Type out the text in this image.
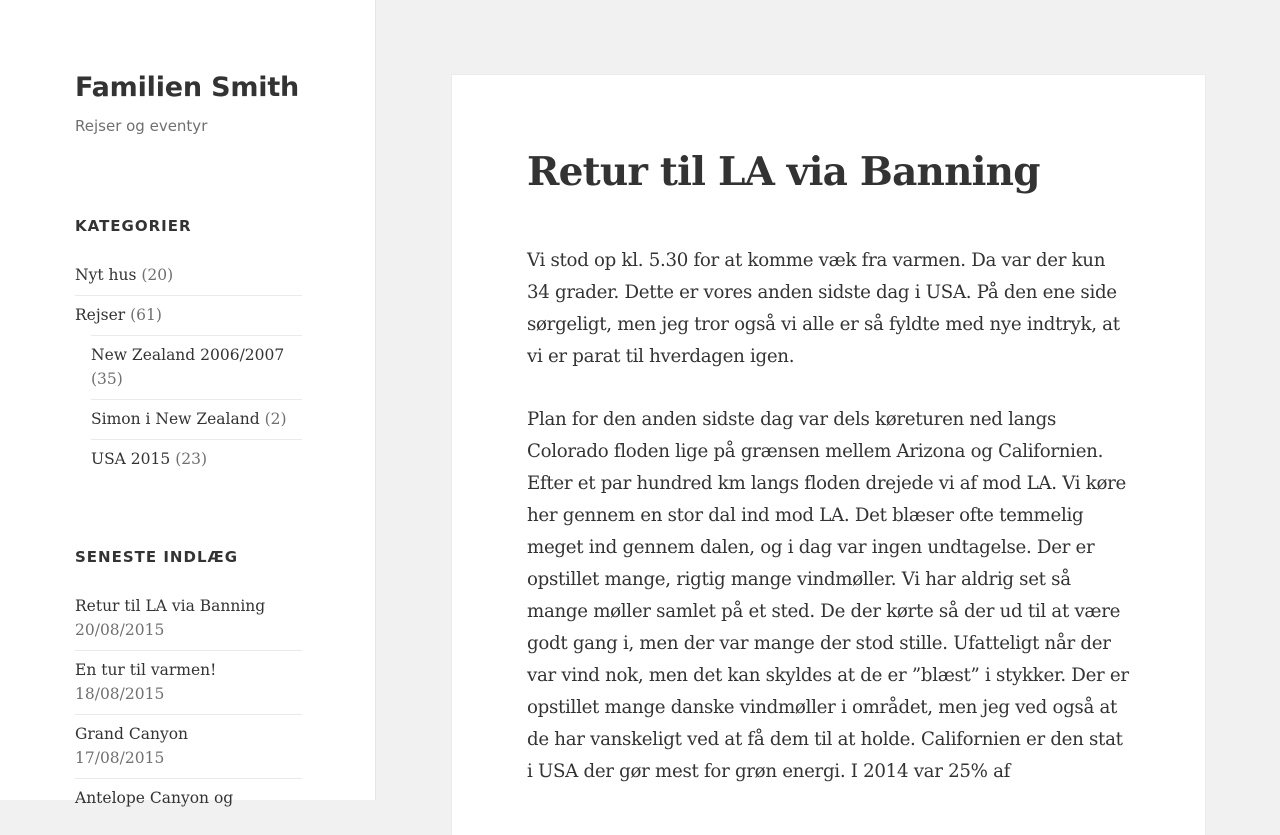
Familien Smith
Rejser og eventyr
KATEGORIER
Nyt hus (20)
Rejser (61)
New Zealand 2006/2007 (35)
Simon i New Zealand (2)
USA 2015 (23)
SENESTE INDLÆG
Retur til LA via Banning
20/08/2015
En tur til varmen!
18/08/2015
Grand Canyon
17/08/2015
Antelope Canyon og
Retur til LA via Banning

Vi stod op kl. 5.30 for at komme væk fra varmen. Da var der kun 34 grader. Dette er vores anden sidste dag i USA. På den ene side sørgeligt, men jeg tror også vi alle er så fyldte med nye indtryk, at vi er parat til hverdagen igen.

Plan for den anden sidste dag var dels køreturen ned langs Colorado floden lige på grænsen mellem Arizona og Californien. Efter et par hundred km langs floden drejede vi af mod LA. Vi køre her gennem en stor dal ind mod LA. Det blæser ofte temmelig meget ind gennem dalen, og i dag var ingen undtagelse. Der er opstillet mange, rigtig mange vindmøller. Vi har aldrig set så mange møller samlet på et sted. De der kørte så der ud til at være godt gang i, men der var mange der stod stille. Ufatteligt når der var vind nok, men det kan skyldes at de er ”blæst” i stykker. Der er opstillet mange danske vindmøller i området, men jeg ved også at de har vanskeligt ved at få dem til at holde. Californien er den stat i USA der gør mest for grøn energi. I 2014 var 25% af
